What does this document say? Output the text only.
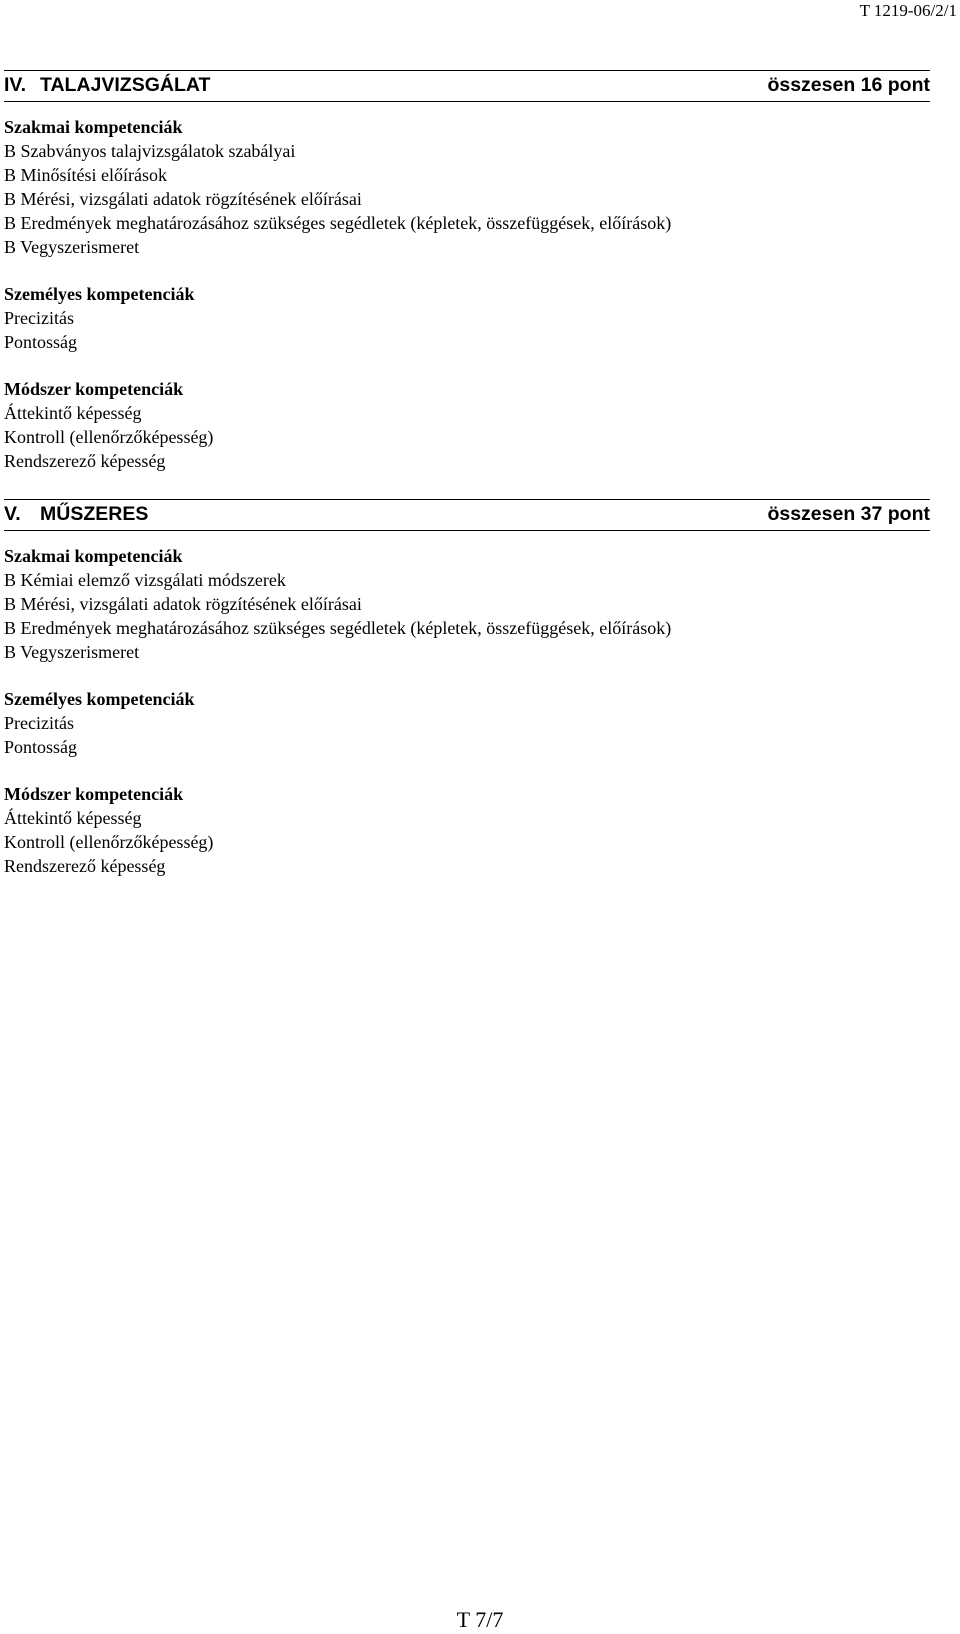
T 1219-06/2/1
IV. TALAJVIZSGÁLAT	összesen 16 pont
Szakmai kompetenciák
B Szabványos talajvizsgálatok szabályai
B Minősítési előírások
B Mérési, vizsgálati adatok rögzítésének előírásai
B Eredmények meghatározásához szükséges segédletek (képletek, összefüggések, előírások)
B Vegyszerismeret
Személyes kompetenciák
Precizitás
Pontosság
Módszer kompetenciák
Áttekintő képesség
Kontroll (ellenőrzőképesség)
Rendszerező képesség
V. MŰSZERES	összesen 37 pont
Szakmai kompetenciák
B Kémiai elemző vizsgálati módszerek
B Mérési, vizsgálati adatok rögzítésének előírásai
B Eredmények meghatározásához szükséges segédletek (képletek, összefüggések, előírások)
B Vegyszerismeret
Személyes kompetenciák
Precizitás
Pontosság
Módszer kompetenciák
Áttekintő képesség
Kontroll (ellenőrzőképesség)
Rendszerező képesség
T 7/7
